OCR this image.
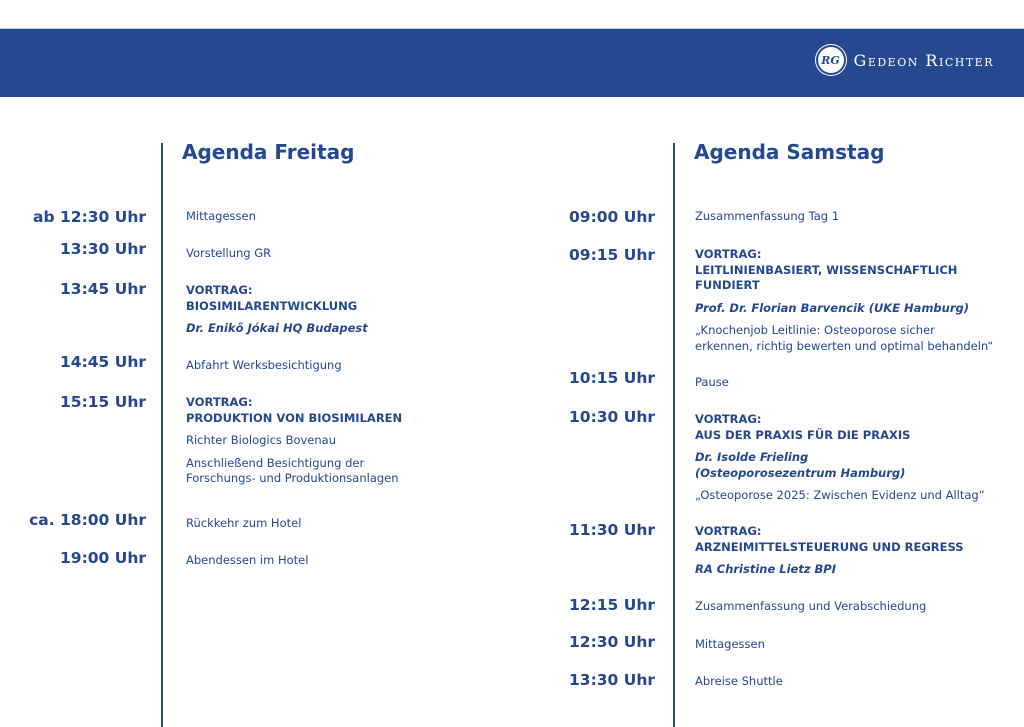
RG Gedeon Richter
Agenda Freitag
ab 12:30 Uhr	Mittagessen
13:30 Uhr	Vorstellung GR
13:45 Uhr	VORTRAG:
BIOSIMILARENTWICKLUNG
Dr. Enikő Jókai HQ Budapest
14:45 Uhr	Abfahrt Werksbesichtigung
15:15 Uhr	VORTRAG:
PRODUKTION VON BIOSIMILAREN
Richter Biologics Bovenau
Anschließend Besichtigung der
Forschungs- und Produktionsanlagen
ca. 18:00 Uhr	Rückkehr zum Hotel
19:00 Uhr	Abendessen im Hotel
Agenda Samstag
09:00 Uhr	Zusammenfassung Tag 1
09:15 Uhr	VORTRAG:
LEITLINIENBASIERT, WISSENSCHAFTLICH
FUNDIERT
Prof. Dr. Florian Barvencik (UKE Hamburg)
„Knochenjob Leitlinie: Osteoporose sicher
erkennen, richtig bewerten und optimal behandeln“
10:15 Uhr	Pause
10:30 Uhr	VORTRAG:
AUS DER PRAXIS FÜR DIE PRAXIS
Dr. Isolde Frieling
(Osteoporosezentrum Hamburg)
„Osteoporose 2025: Zwischen Evidenz und Alltag“
11:30 Uhr	VORTRAG:
ARZNEIMITTELSTEUERUNG UND REGRESS
RA Christine Lietz BPI
12:15 Uhr	Zusammenfassung und Verabschiedung
12:30 Uhr	Mittagessen
13:30 Uhr	Abreise Shuttle
